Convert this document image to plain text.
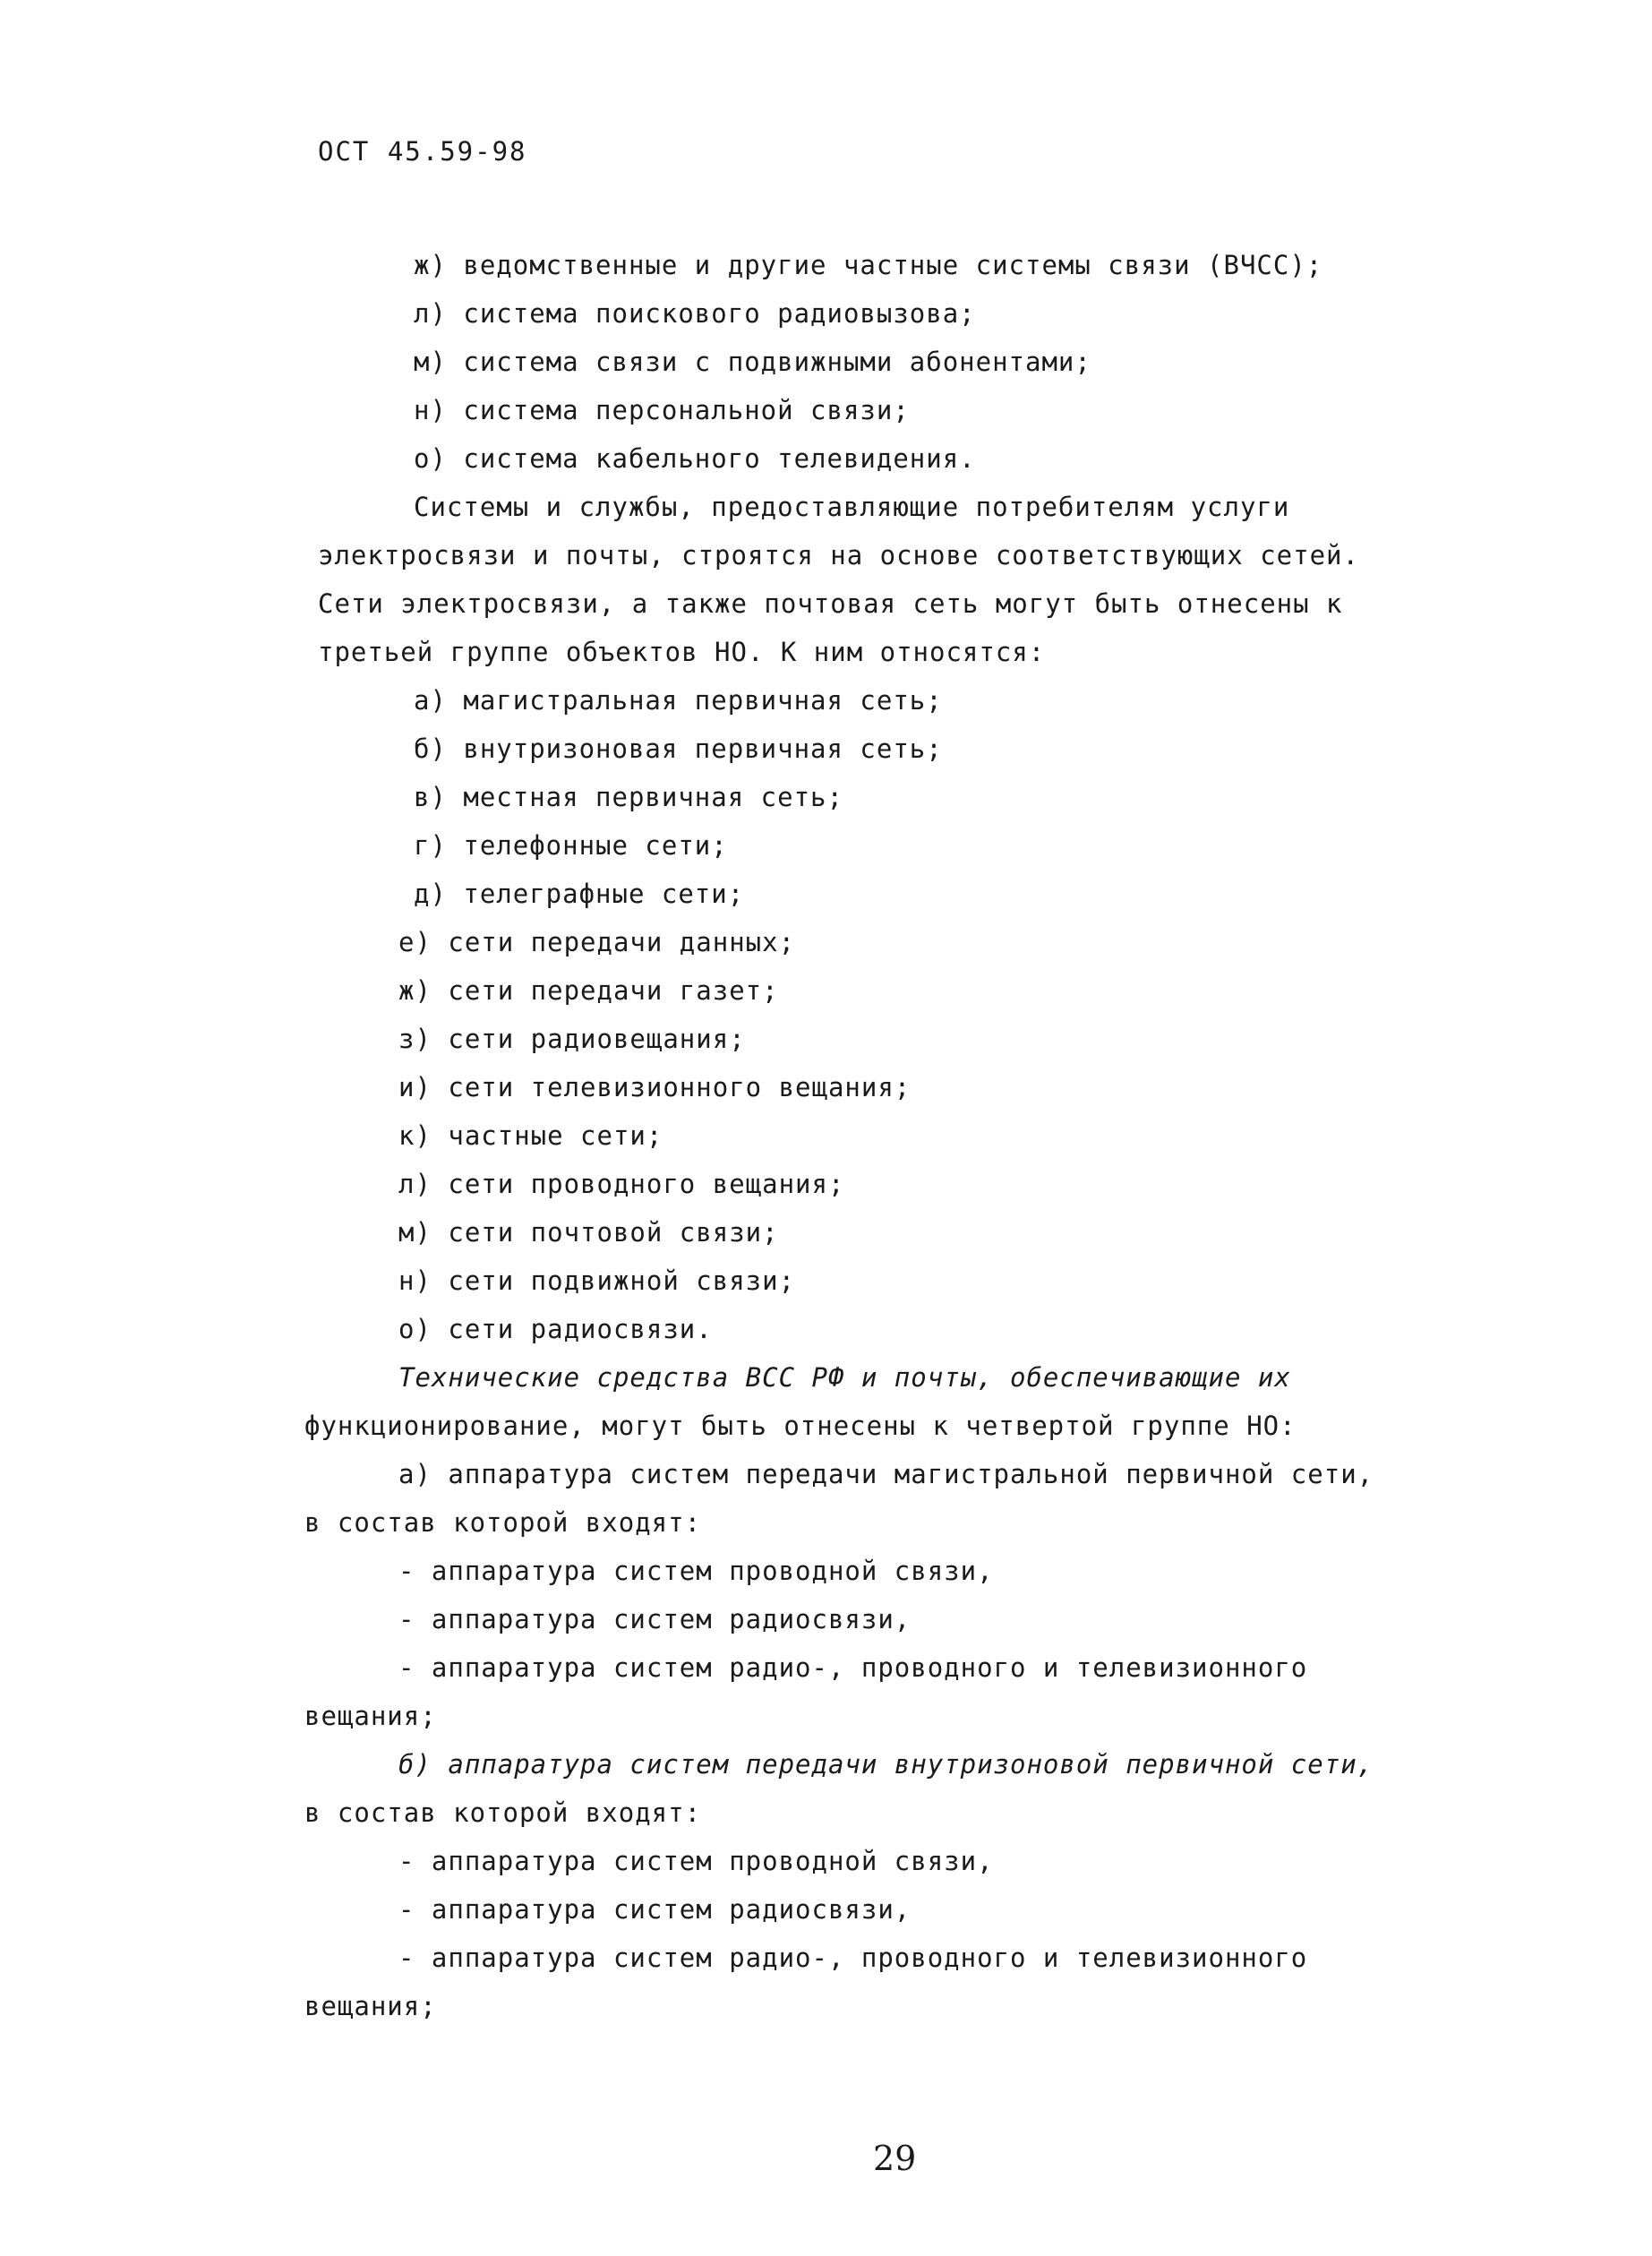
ОСТ 45.59-98
ж) ведомственные и другие частные системы связи (ВЧСС);
л) система поискового радиовызова;
м) система связи с подвижными абонентами;
н) система персональной связи;
о) система кабельного телевидения.
Системы и службы, предоставляющие потребителям услуги
электросвязи и почты, строятся на основе соответствующих сетей.
Сети электросвязи, а также почтовая сеть могут быть отнесены к
третьей группе объектов НО. К ним относятся:
а) магистральная первичная сеть;
б) внутризоновая первичная сеть;
в) местная первичная сеть;
г) телефонные сети;
д) телеграфные сети;
е) сети передачи данных;
ж) сети передачи газет;
з) сети радиовещания;
и) сети телевизионного вещания;
к) частные сети;
л) сети проводного вещания;
м) сети почтовой связи;
н) сети подвижной связи;
о) сети радиосвязи.
Технические средства ВСС РФ и почты, обеспечивающие их
функционирование, могут быть отнесены к четвертой группе НО:
а) аппаратура систем передачи магистральной первичной сети,
в состав которой входят:
- аппаратура систем проводной связи,
- аппаратура систем радиосвязи,
- аппаратура систем радио-, проводного и телевизионного
вещания;
б) аппаратура систем передачи внутризоновой первичной сети,
в состав которой входят:
- аппаратура систем проводной связи,
- аппаратура систем радиосвязи,
- аппаратура систем радио-, проводного и телевизионного
вещания;
29
